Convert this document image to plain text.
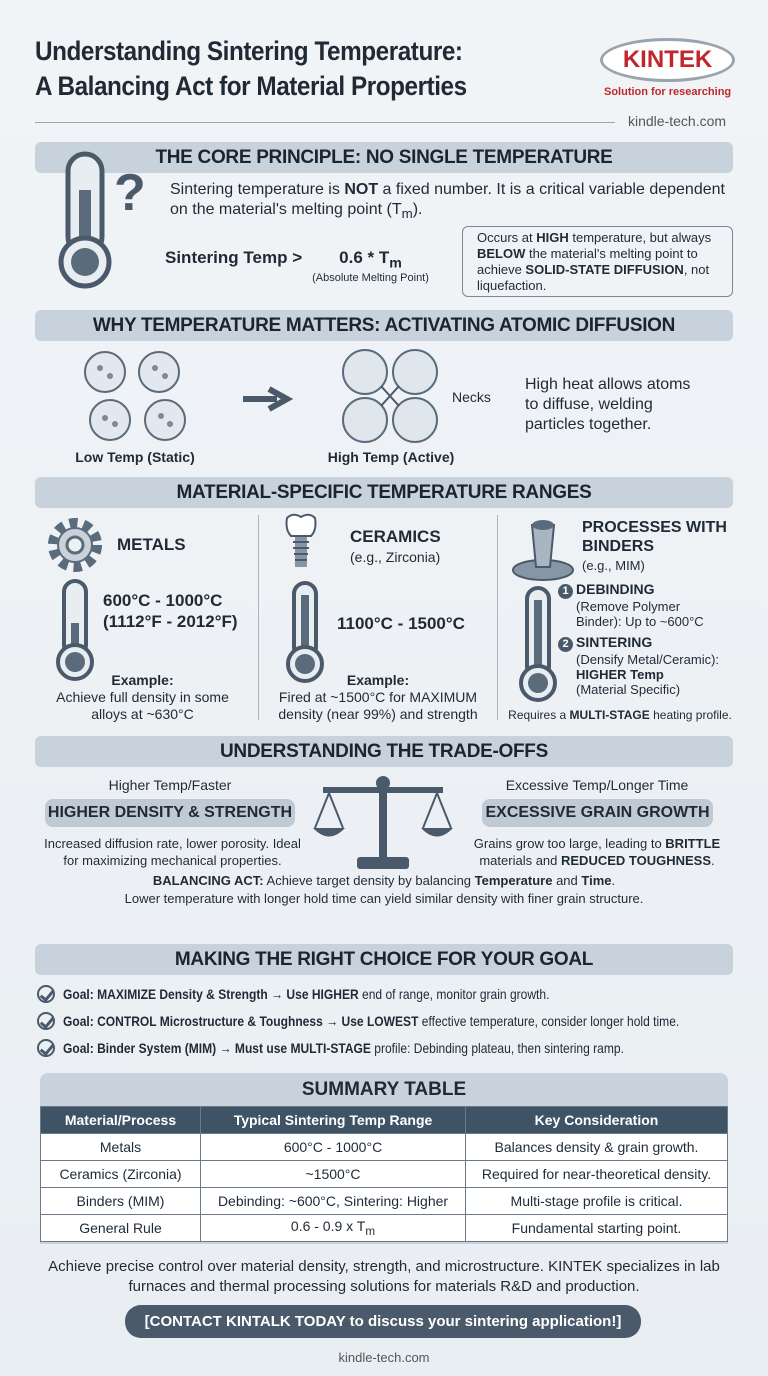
Understanding Sintering Temperature:
A Balancing Act for Material Properties
KINTEK
Solution for researching
kindle-tech.com
THE CORE PRINCIPLE: NO SINGLE TEMPERATURE
? Sintering temperature is NOT a fixed number. It is a critical variable dependent on the material's melting point $(T_m)$.
Sintering Temp >	$0.6 * T_m$
(Absolute Melting Point)
Occurs at HIGH temperature, but always BELOW the material's melting point to achieve SOLID-STATE DIFFUSION, not liquefaction.
WHY TEMPERATURE MATTERS: ACTIVATING ATOMIC DIFFUSION
Necks
High heat allows atoms to diffuse, welding particles together.
Low Temp (Static)	High Temp (Active)
MATERIAL-SPECIFIC TEMPERATURE RANGES
METALS
600°C - 1000°C
(1112°F - 2012°F)
Example:
Achieve full density in some alloys at ~630°C
CERAMICS
(e.g., Zirconia)
1100°C - 1500°C
Example:
Fired at ~1500°C for MAXIMUM density (near 99%) and strength
PROCESSES WITH
BINDERS
(e.g., MIM)
1 DEBINDING
(Remove Polymer Binder): Up to ~600°C
2 SINTERING
(Densify Metal/Ceramic):
HIGHER Temp
(Material Specific)
Requires a MULTI-STAGE heating profile.
UNDERSTANDING THE TRADE-OFFS
Higher Temp/Faster
HIGHER DENSITY & STRENGTH
Increased diffusion rate, lower porosity. Ideal for maximizing mechanical properties.
Excessive Temp/Longer Time
EXCESSIVE GRAIN GROWTH
Grains grow too large, leading to BRITTLE materials and REDUCED TOUGHNESS.
BALANCING ACT: Achieve target density by balancing Temperature and Time.
Lower temperature with longer hold time can yield similar density with finer grain structure.
MAKING THE RIGHT CHOICE FOR YOUR GOAL
Goal: MAXIMIZE Density & Strength → Use HIGHER end of range, monitor grain growth.
Goal: CONTROL Microstructure & Toughness → Use LOWEST effective temperature, consider longer hold time.
Goal: Binder System (MIM) → Must use MULTI-STAGE profile: Debinding plateau, then sintering ramp.
SUMMARY TABLE
Material/Process	Typical Sintering Temp Range	Key Consideration
Metals	600°C - 1000°C	Balances density & grain growth.
Ceramics (Zirconia)	~1500°C	Required for near-theoretical density.
Binders (MIM)	Debinding: ~600°C, Sintering: Higher	Multi-stage profile is critical.
General Rule	0.6 - 0.9 x $T_m$	Fundamental starting point.
Achieve precise control over material density, strength, and microstructure. KINTEK specializes in lab furnaces and thermal processing solutions for materials R&D and production.
[CONTACT KINTALK TODAY to discuss your sintering application!]
kindle-tech.com
